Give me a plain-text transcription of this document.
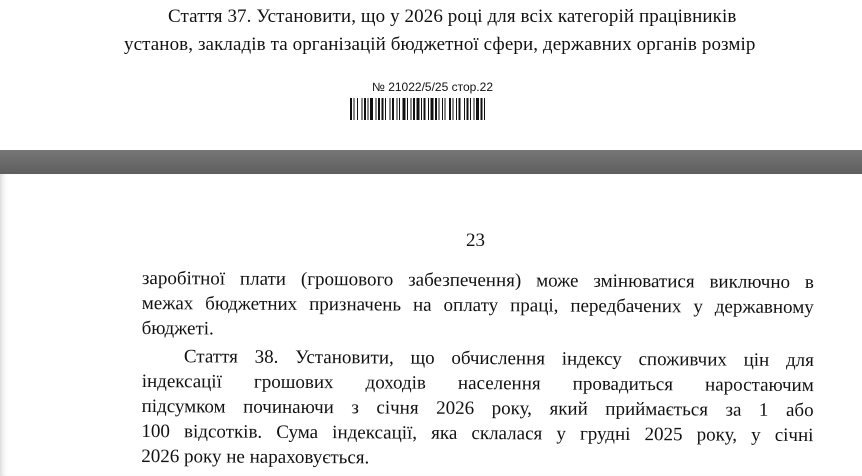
Стаття 37. Установити, що у 2026 році для всіх категорій працівників
установ, закладів та організацій бюджетної сфери, державних органів розмір
№ 21022/5/25 стор.22
23
заробітної плати (грошового забезпечення) може змінюватися виключно в
межах бюджетних призначень на оплату праці, передбачених у державному
бюджеті.
Стаття 38. Установити, що обчислення індексу споживчих цін для
індексації грошових доходів населення провадиться наростаючим
підсумком починаючи з січня 2026 року, який приймається за 1 або
100 відсотків. Сума індексації, яка склалася у грудні 2025 року, у січні
2026 року не нараховується.
